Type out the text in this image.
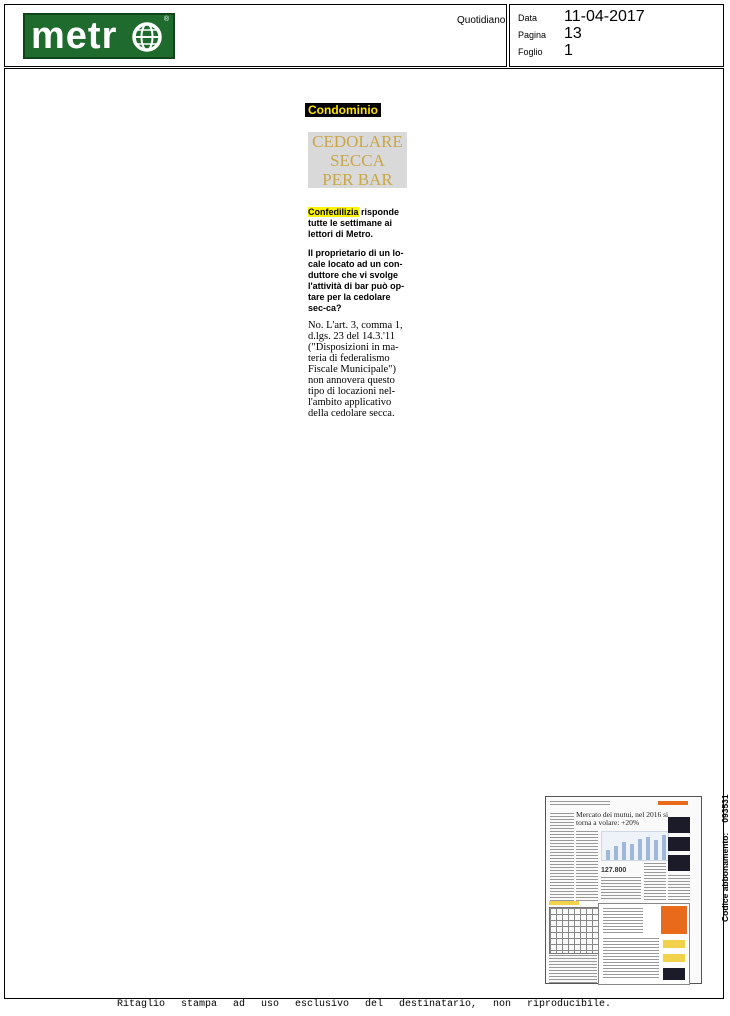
metr	®	Quotidiano Data	11-04-2017
Pagina	13
Foglio	1
Condominio
CEDOLARE
SECCA
PER BAR
Confedilizia risponde tutte le settimane ai lettori di Metro.
Il proprietario di un lo-cale locato ad un con-duttore che vi svolge l'attività di bar può op-tare per la cedolare sec-ca?
No. L'art. 3, comma 1, d.lgs. 23 del 14.3.'11 ("Disposizioni in ma-teria di federalismo Fiscale Municipale") non annovera questo tipo di locazioni nel-l'ambito applicativo della cedolare secca.
Mercato dei mutui, nel 2016 si torna a volare: +20%
127.800	Codice abbonamento:093531
Ritaglio stampa ad uso esclusivo del destinatario, non riproducibile.
